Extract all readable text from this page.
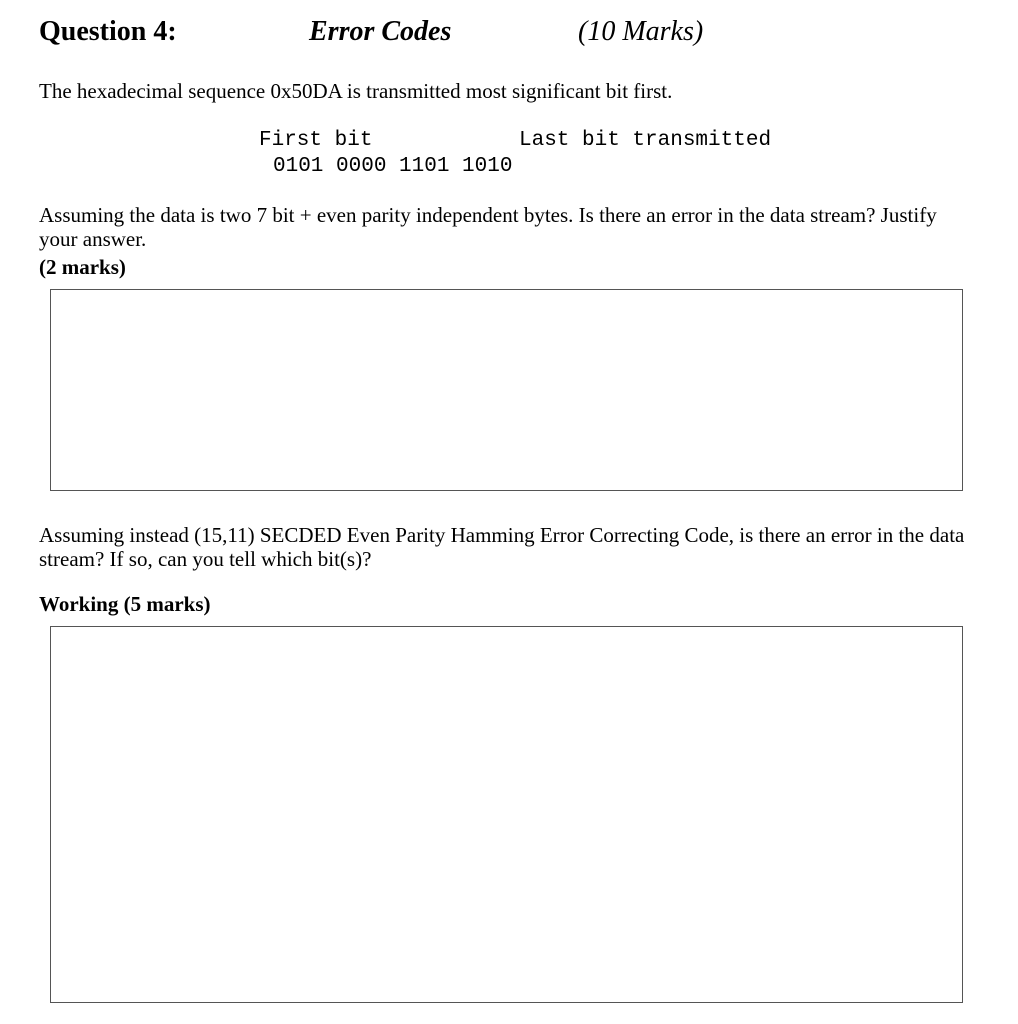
Question 4:	Error Codes	(10 Marks)
The hexadecimal sequence 0x50DA is transmitted most significant bit first.
First bit	Last bit transmitted
0101 0000 1101 1010
Assuming the data is two 7 bit + even parity independent bytes. Is there an error in the data stream? Justify your answer.
(2 marks)
Assuming instead (15,11) SECDED Even Parity Hamming Error Correcting Code, is there an error in the data stream? If so, can you tell which bit(s)?
Working (5 marks)
